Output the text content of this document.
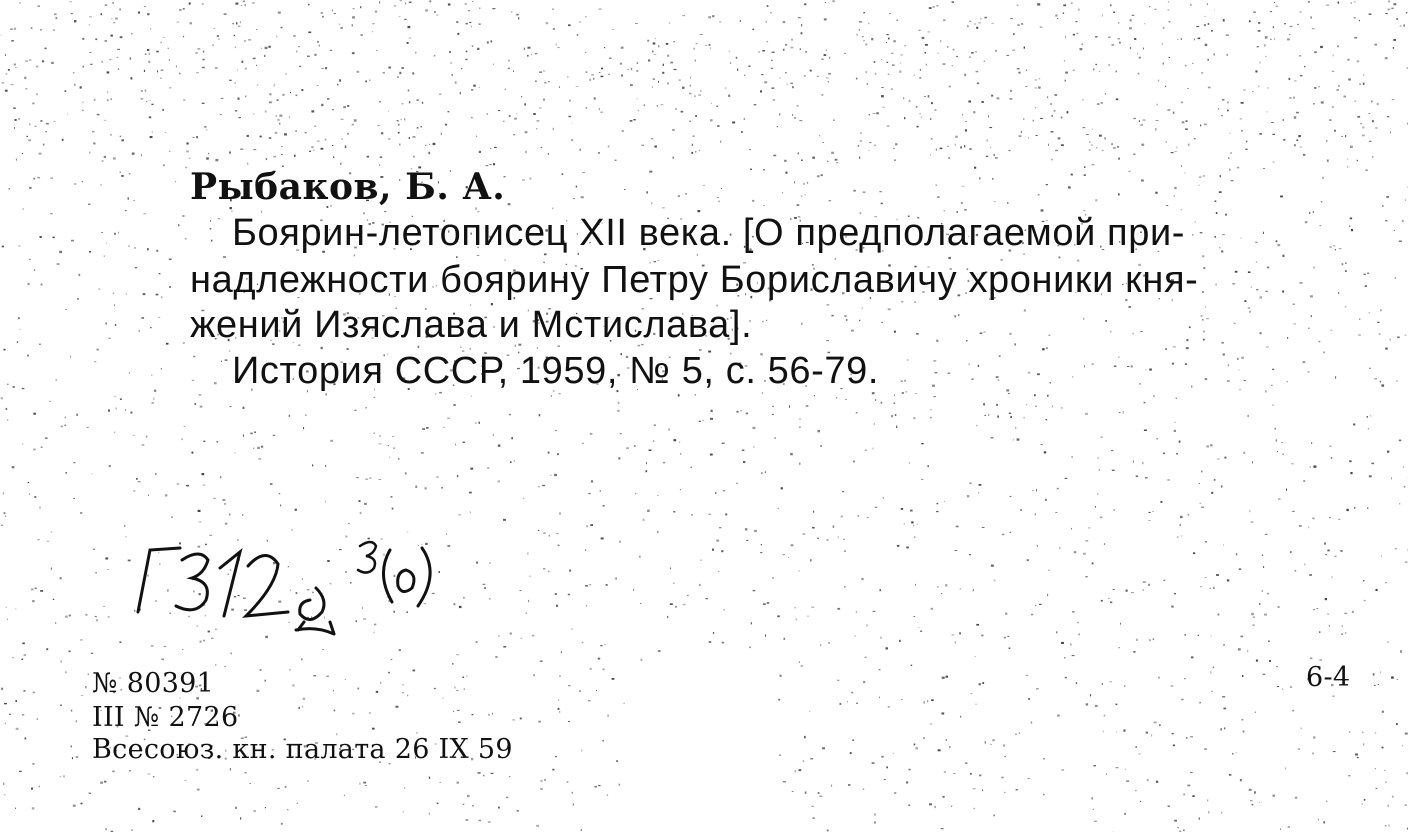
Рыбаков, Б. А.
Боярин-летописец XII века. [О предполагаемой при-
надлежности боярину Петру Бориславичу хроники кня-
жений Изяслава и Мстислава].
История СССР, 1959, № 5, с. 56-79.
№ 80391
III № 2726
Всесоюз. кн. палата 26 IX 59
6-4
